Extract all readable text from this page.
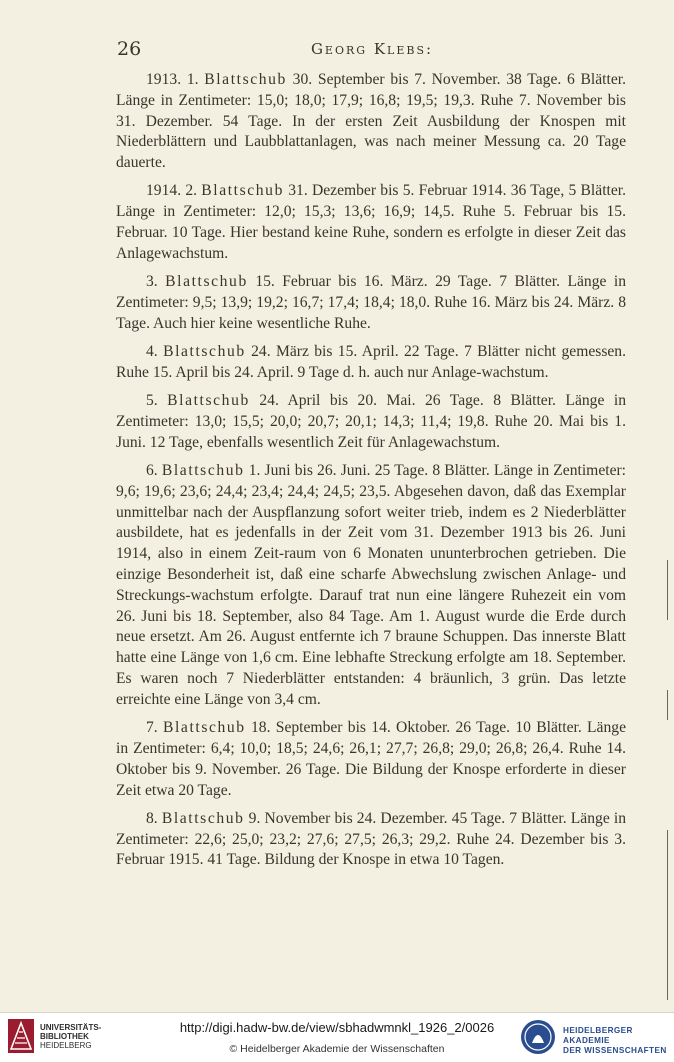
26	Georg Klebs:

1913. 1. Blattschub 30. September bis 7. November. 38 Tage. 6 Blätter. Länge in Zentimeter: 15,0; 18,0; 17,9; 16,8; 19,5; 19,3. Ruhe 7. November bis 31. Dezember. 54 Tage. In der ersten Zeit Ausbildung der Knospen mit Niederblättern und Laubblattanlagen, was nach meiner Messung ca. 20 Tage dauerte.

1914. 2. Blattschub 31. Dezember bis 5. Februar 1914. 36 Tage, 5 Blätter. Länge in Zentimeter: 12,0; 15,3; 13,6; 16,9; 14,5. Ruhe 5. Februar bis 15. Februar. 10 Tage. Hier bestand keine Ruhe, sondern es erfolgte in dieser Zeit das Anlagewachstum.

3. Blattschub 15. Februar bis 16. März. 29 Tage. 7 Blätter. Länge in Zentimeter: 9,5; 13,9; 19,2; 16,7; 17,4; 18,4; 18,0. Ruhe 16. März bis 24. März. 8 Tage. Auch hier keine wesentliche Ruhe.

4. Blattschub 24. März bis 15. April. 22 Tage. 7 Blätter nicht gemessen. Ruhe 15. April bis 24. April. 9 Tage d. h. auch nur Anlage-wachstum.

5. Blattschub 24. April bis 20. Mai. 26 Tage. 8 Blätter. Länge in Zentimeter: 13,0; 15,5; 20,0; 20,7; 20,1; 14,3; 11,4; 19,8. Ruhe 20. Mai bis 1. Juni. 12 Tage, ebenfalls wesentlich Zeit für Anlagewachstum.

6. Blattschub 1. Juni bis 26. Juni. 25 Tage. 8 Blätter. Länge in Zentimeter: 9,6; 19,6; 23,6; 24,4; 23,4; 24,4; 24,5; 23,5. Abgesehen davon, daß das Exemplar unmittelbar nach der Auspflanzung sofort weiter trieb, indem es 2 Niederblätter ausbildete, hat es jedenfalls in der Zeit vom 31. Dezember 1913 bis 26. Juni 1914, also in einem Zeit-raum von 6 Monaten ununterbrochen getrieben. Die einzige Besonderheit ist, daß eine scharfe Abwechslung zwischen Anlage- und Streckungs-wachstum erfolgte. Darauf trat nun eine längere Ruhezeit ein vom 26. Juni bis 18. September, also 84 Tage. Am 1. August wurde die Erde durch neue ersetzt. Am 26. August entfernte ich 7 braune Schuppen. Das innerste Blatt hatte eine Länge von 1,6 cm. Eine lebhafte Streckung erfolgte am 18. September. Es waren noch 7 Niederblätter entstanden: 4 bräunlich, 3 grün. Das letzte erreichte eine Länge von 3,4 cm.

7. Blattschub 18. September bis 14. Oktober. 26 Tage. 10 Blätter. Länge in Zentimeter: 6,4; 10,0; 18,5; 24,6; 26,1; 27,7; 26,8; 29,0; 26,8; 26,4. Ruhe 14. Oktober bis 9. November. 26 Tage. Die Bildung der Knospe erforderte in dieser Zeit etwa 20 Tage.

8. Blattschub 9. November bis 24. Dezember. 45 Tage. 7 Blätter. Länge in Zentimeter: 22,6; 25,0; 23,2; 27,6; 27,5; 26,3; 29,2. Ruhe 24. Dezember bis 3. Februar 1915. 41 Tage. Bildung der Knospe in etwa 10 Tagen.

UNIVERSITÄTS-
BIBLIOTHEK
HEIDELBERG
http://digi.hadw-bw.de/view/sbhadwmnkl_1926_2/0026
© Heidelberger Akademie der Wissenschaften
HEIDELBERGER AKADEMIE
DER WISSENSCHAFTEN
